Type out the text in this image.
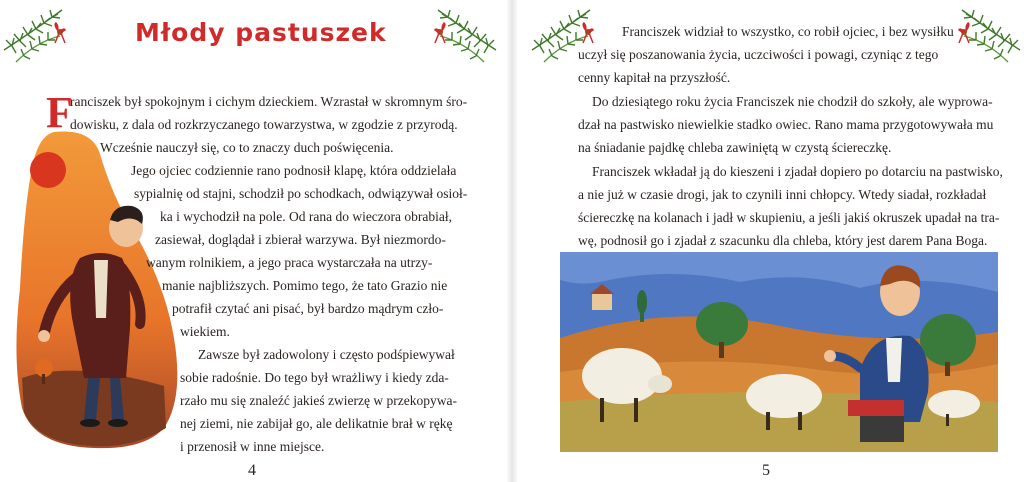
Młody pastuszek
F
ranciszek był spokojnym i cichym dzieckiem. Wzrastał w skromnym śro-
dowisku, z dala od rozkrzyczanego towarzystwa, w zgodzie z przyrodą.
Wcześnie nauczył się, co to znaczy duch poświęcenia.
Jego ojciec codziennie rano podnosił klapę, która oddzielała
sypialnię od stajni, schodził po schodkach, odwiązywał osioł-
ka i wychodził na pole. Od rana do wieczora obrabiał,
zasiewał, doglądał i zbierał warzywa. Był niezmordo-
wanym rolnikiem, a jego praca wystarczała na utrzy-
manie najbliższych. Pomimo tego, że tato Grazio nie
potrafił czytać ani pisać, był bardzo mądrym czło-
wiekiem.
Zawsze był zadowolony i często podśpiewywał
sobie radośnie. Do tego był wrażliwy i kiedy zda-
rzało mu się znaleźć jakieś zwierzę w przekopywa-
nej ziemi, nie zabijał go, ale delikatnie brał w rękę
i przenosił w inne miejsce.
4
Franciszek widział to wszystko, co robił ojciec, i bez wysiłku
uczył się poszanowania życia, uczciwości i powagi, czyniąc z tego
cenny kapitał na przyszłość.
Do dziesiątego roku życia Franciszek nie chodził do szkoły, ale wyprowa-
dzał na pastwisko niewielkie stadko owiec. Rano mama przygotowywała mu
na śniadanie pajdkę chleba zawiniętą w czystą ściereczkę.
Franciszek wkładał ją do kieszeni i zjadał dopiero po dotarciu na pastwisko,
a nie już w czasie drogi, jak to czynili inni chłopcy. Wtedy siadał, rozkładał
ściereczkę na kolanach i jadł w skupieniu, a jeśli jakiś okruszek upadał na tra-
wę, podnosił go i zjadał z szacunku dla chleba, który jest darem Pana Boga.
5
